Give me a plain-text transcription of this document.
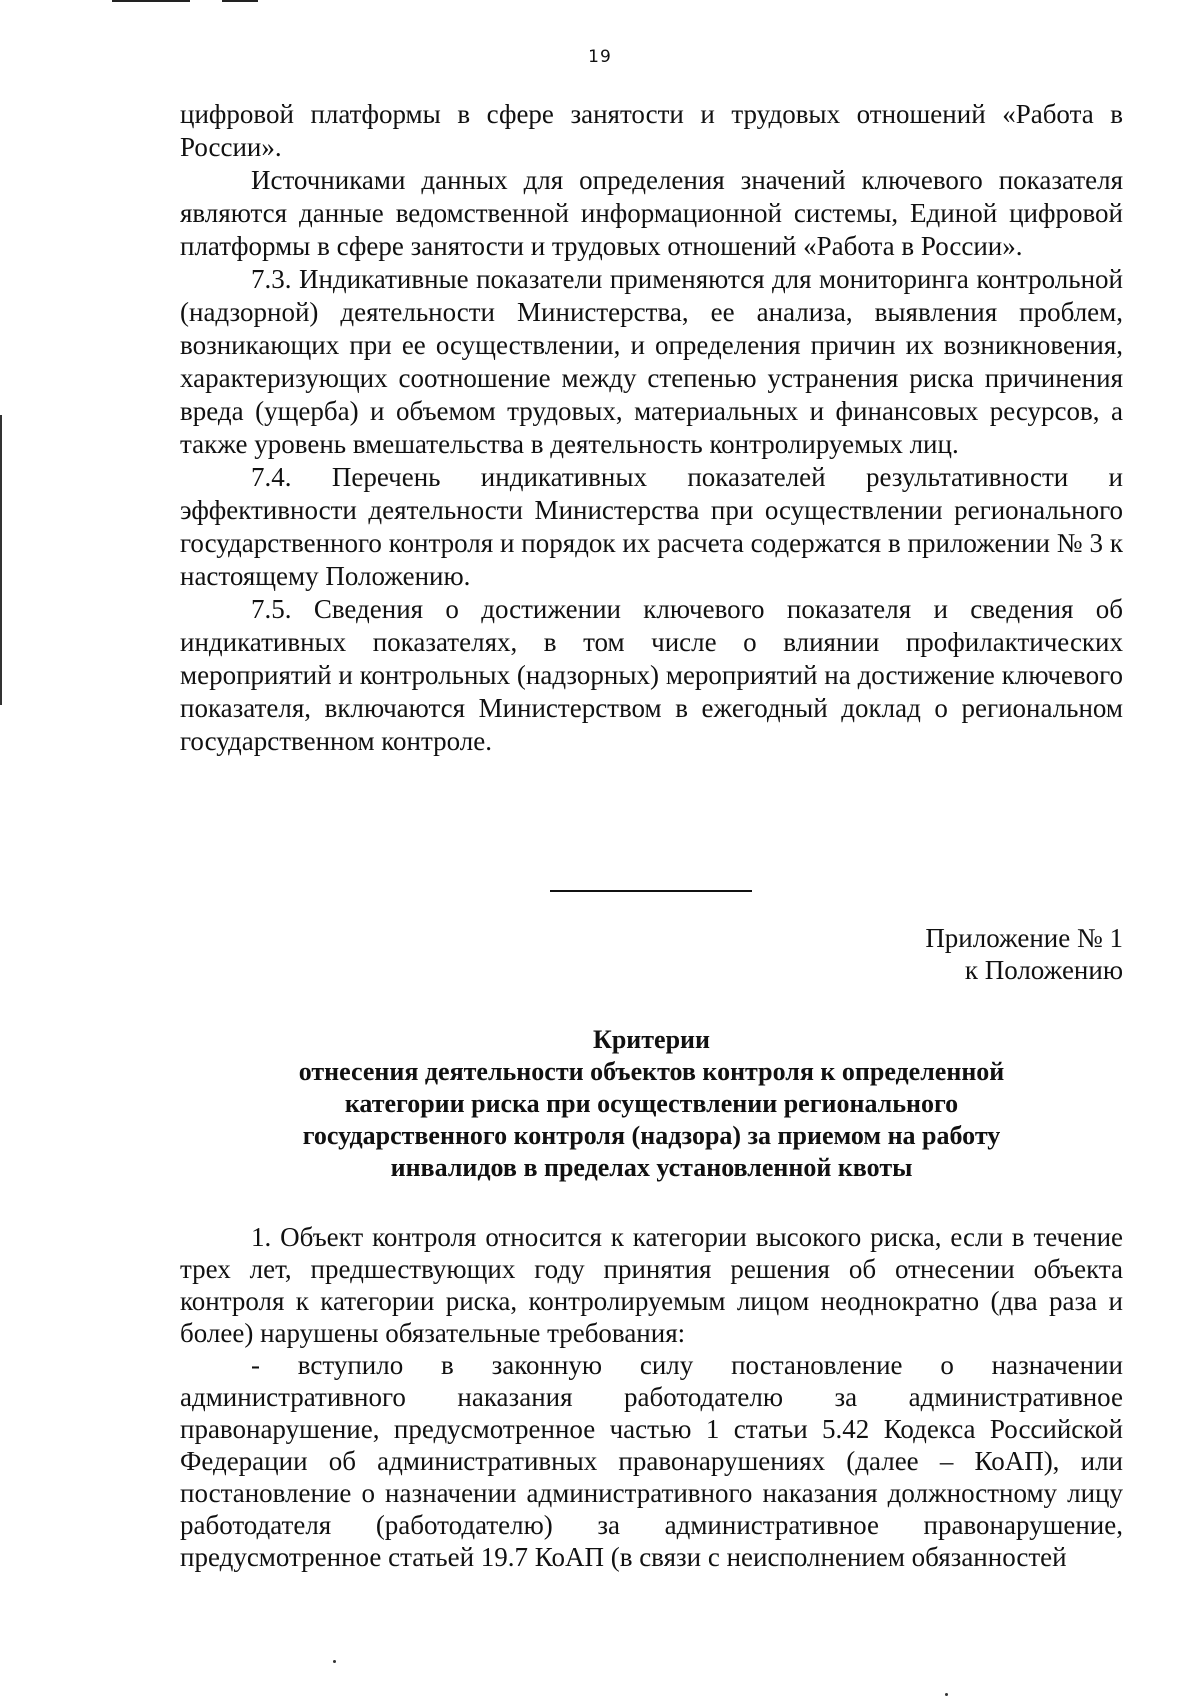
19

цифровой платформы в сфере занятости и трудовых отношений «Работа в России».

Источниками данных для определения значений ключевого показателя являются данные ведомственной информационной системы, Единой цифровой платформы в сфере занятости и трудовых отношений «Работа в России».

7.3. Индикативные показатели применяются для мониторинга контрольной (надзорной) деятельности Министерства, ее анализа, выявления проблем, возникающих при ее осуществлении, и определения причин их возникновения, характеризующих соотношение между степенью устранения риска причинения вреда (ущерба) и объемом трудовых, материальных и финансовых ресурсов, а также уровень вмешательства в деятельность контролируемых лиц.

7.4. Перечень индикативных показателей результативности и эффективности деятельности Министерства при осуществлении регионального государственного контроля и порядок их расчета содержатся в приложении № 3 к настоящему Положению.

7.5. Сведения о достижении ключевого показателя и сведения об индикативных показателях, в том числе о влиянии профилактических мероприятий и контрольных (надзорных) мероприятий на достижение ключевого показателя, включаются Министерством в ежегодный доклад о региональном государственном контроле.

Приложение № 1
к Положению
Критерии
отнесения деятельности объектов контроля к определенной
категории риска при осуществлении регионального
государственного контроля (надзора) за приемом на работу
инвалидов в пределах установленной квоты

1. Объект контроля относится к категории высокого риска, если в течение трех лет, предшествующих году принятия решения об отнесении объекта контроля к категории риска, контролируемым лицом неоднократно (два раза и более) нарушены обязательные требования:

- вступило в законную силу постановление о назначении административного наказания работодателю за административное правонарушение, предусмотренное частью 1 статьи 5.42 Кодекса Российской Федерации об административных правонарушениях (далее – КоАП), или постановление о назначении административного наказания должностному лицу работодателя (работодателю) за административное правонарушение, предусмотренное статьей 19.7 КоАП (в связи с неисполнением обязанностей
